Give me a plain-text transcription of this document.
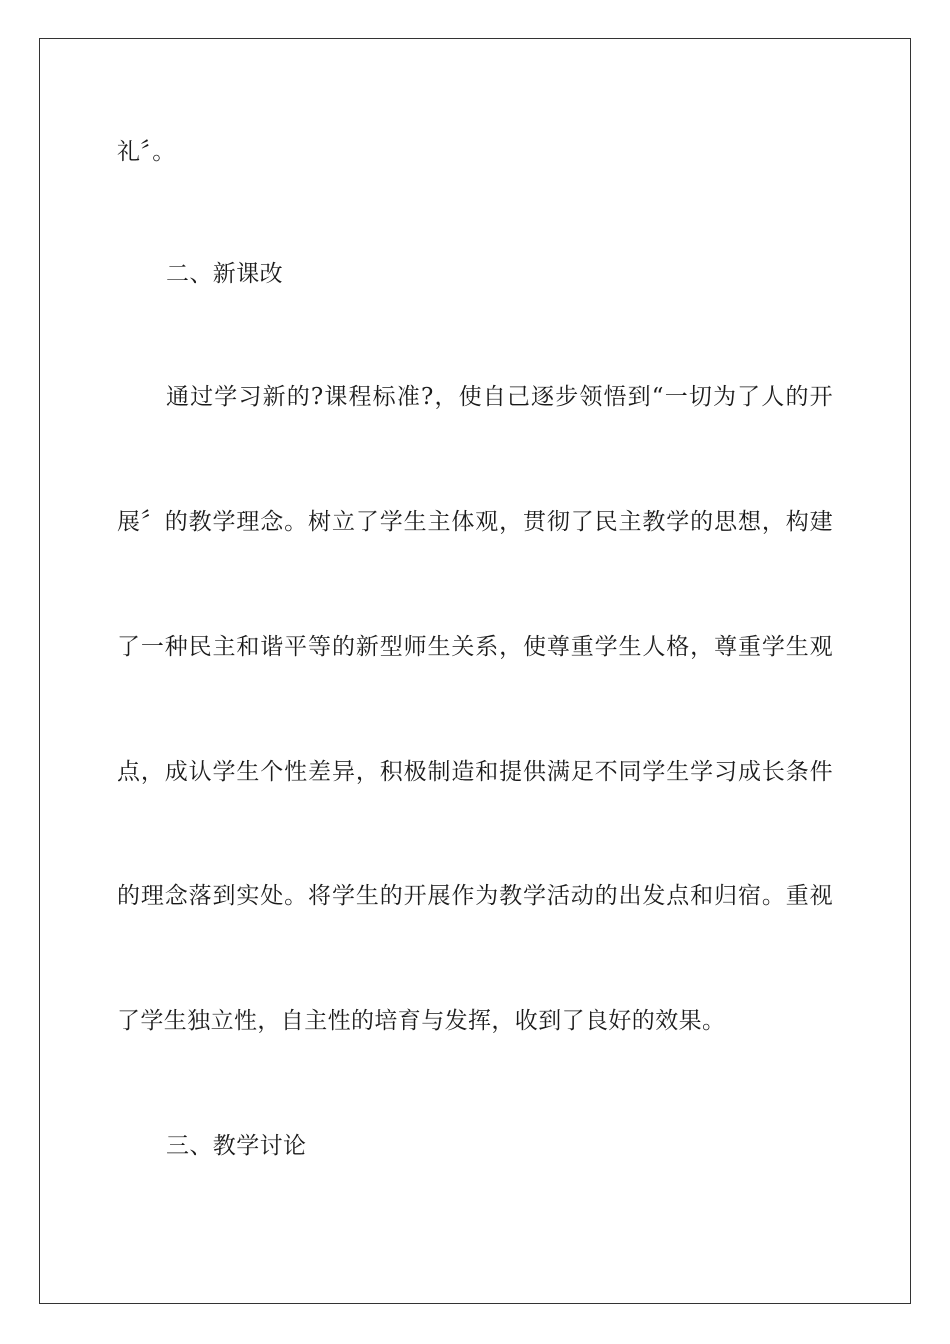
礼〞。
二、新课改
通过学习新的?课程标准?，使自己逐步领悟到“一切为了人的开
展〞的教学理念。树立了学生主体观，贯彻了民主教学的思想，构建
了一种民主和谐平等的新型师生关系，使尊重学生人格，尊重学生观
点，成认学生个性差异，积极制造和提供满足不同学生学习成长条件
的理念落到实处。将学生的开展作为教学活动的出发点和归宿。重视
了学生独立性，自主性的培育与发挥，收到了良好的效果。
三、教学讨论
